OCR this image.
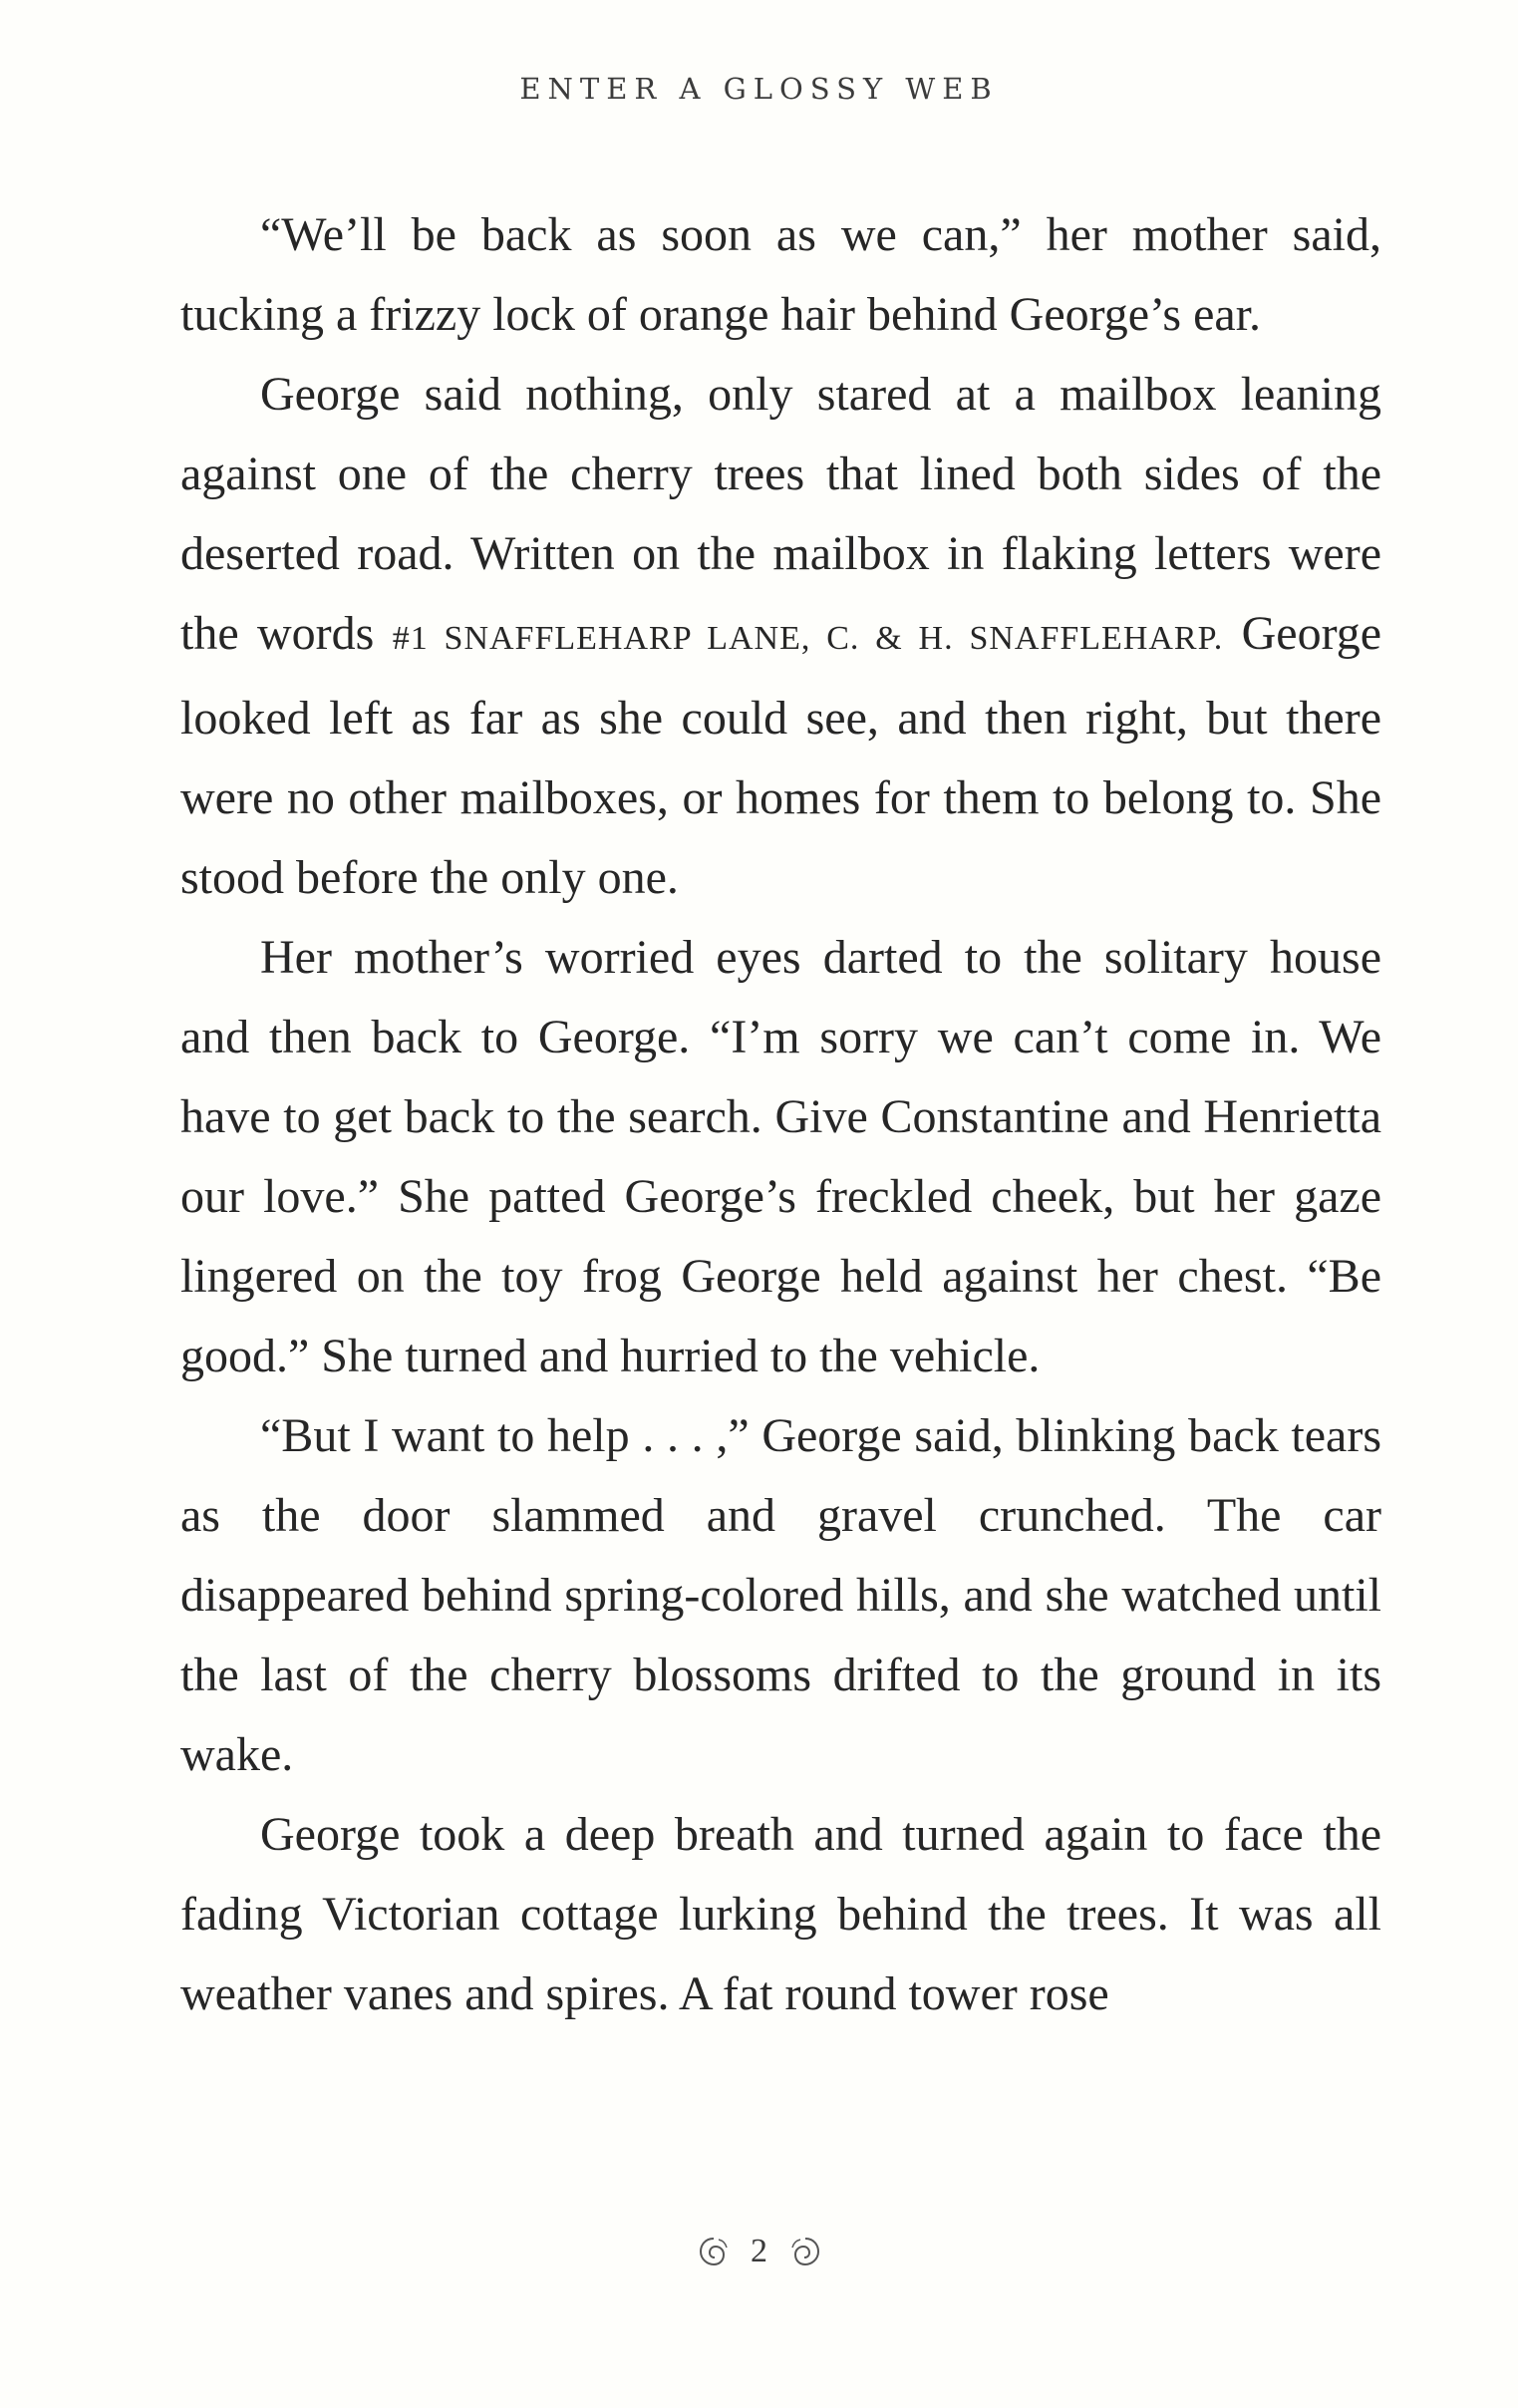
ENTER A GLOSSY WEB

“We’ll be back as soon as we can,” her mother said, tucking a frizzy lock of orange hair behind George’s ear.

George said nothing, only stared at a mailbox leaning against one of the cherry trees that lined both sides of the deserted road. Written on the mailbox in flaking letters were the words #1 SNAFFLEHARP LANE, C. & H. SNAFFLEHARP. George looked left as far as she could see, and then right, but there were no other mailboxes, or homes for them to belong to. She stood before the only one.

Her mother’s worried eyes darted to the solitary house and then back to George. “I’m sorry we can’t come in. We have to get back to the search. Give Constantine and Henrietta our love.” She patted George’s freckled cheek, but her gaze lingered on the toy frog George held against her chest. “Be good.” She turned and hurried to the vehicle.

“But I want to help . . . ,” George said, blinking back tears as the door slammed and gravel crunched. The car disappeared behind spring-colored hills, and she watched until the last of the cherry blossoms drifted to the ground in its wake.

George took a deep breath and turned again to face the fading Victorian cottage lurking behind the trees. It was all weather vanes and spires. A fat round tower rose

2
